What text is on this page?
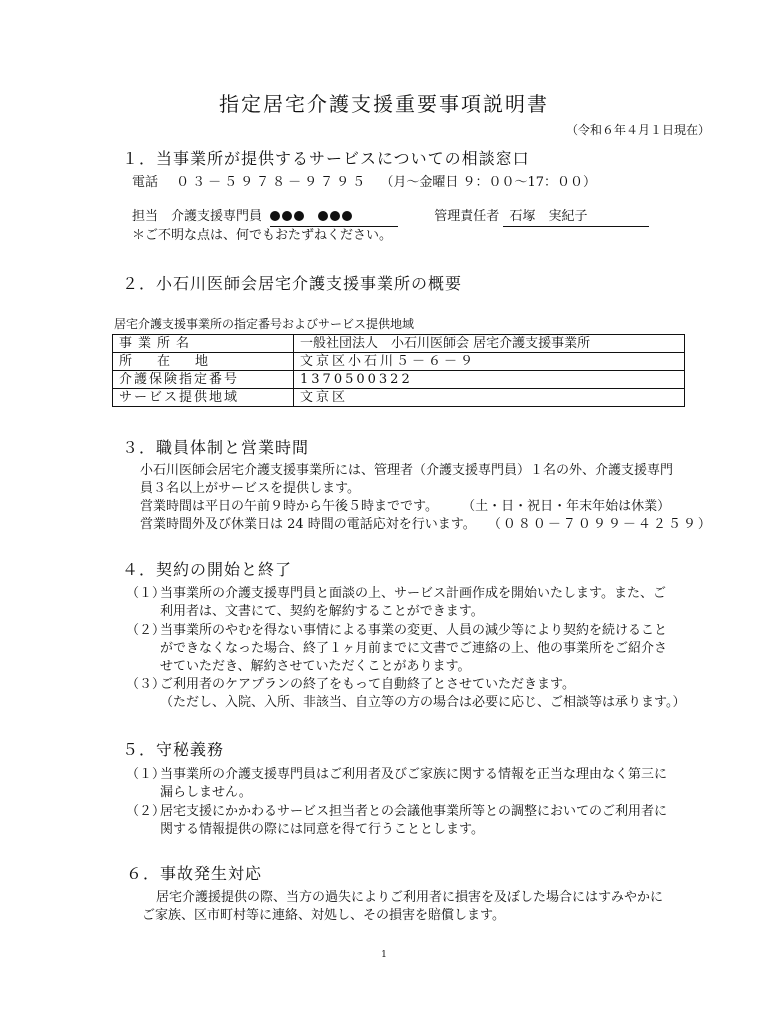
指定居宅介護支援重要事項説明書
（令和６年４月１日現在）
１．当事業所が提供するサービスについての相談窓口
電話 ０３－５９７８－９７９５ （月～金曜日 ９：００～17：００）
担当　介護支援専門員	管理責任者 石塚　実紀子
＊ご不明な点は、何でもおたずねください。
２．小石川医師会居宅介護支援事業所の概要
居宅介護支援事業所の指定番号およびサービス提供地域
事業所名	一般社団法人　小石川医師会 居宅介護支援事業所
所　在　地	文京区小石川５－６－９
介護保険指定番号	1370500322
サービス提供地域	文京区
３．職員体制と営業時間
小石川医師会居宅介護支援事業所には、管理者（介護支援専門員）１名の外、介護支援専門
員３名以上がサービスを提供します。
営業時間は平日の午前９時から午後５時までです。 （土・日・祝日・年末年始は休業）
営業時間外及び休業日は 24 時間の電話応対を行います。 （０８０－７０９９－４２５９）
４．契約の開始と終了
（１）
当事業所の介護支援専門員と面談の上、サービス計画作成を開始いたします。また、ご
利用者は、文書にて、契約を解約することができます。
（２）
当事業所のやむを得ない事情による事業の変更、人員の減少等により契約を続けること
ができなくなった場合、終了１ヶ月前までに文書でご連絡の上、他の事業所をご紹介さ
せていただき、解約させていただくことがあります。
（３）
ご利用者のケアプランの終了をもって自動終了とさせていただきます。
（ただし、入院、入所、非該当、自立等の方の場合は必要に応じ、ご相談等は承ります。）
５．守秘義務
（１）
当事業所の介護支援専門員はご利用者及びご家族に関する情報を正当な理由なく第三に
漏らしません。
（２）
居宅支援にかかわるサービス担当者との会議他事業所等との調整においてのご利用者に
関する情報提供の際には同意を得て行うこととします。
６．事故発生対応
居宅介護援提供の際、当方の過失によりご利用者に損害を及ぼした場合にはすみやかに
ご家族、区市町村等に連絡、対処し、その損害を賠償します。
1
